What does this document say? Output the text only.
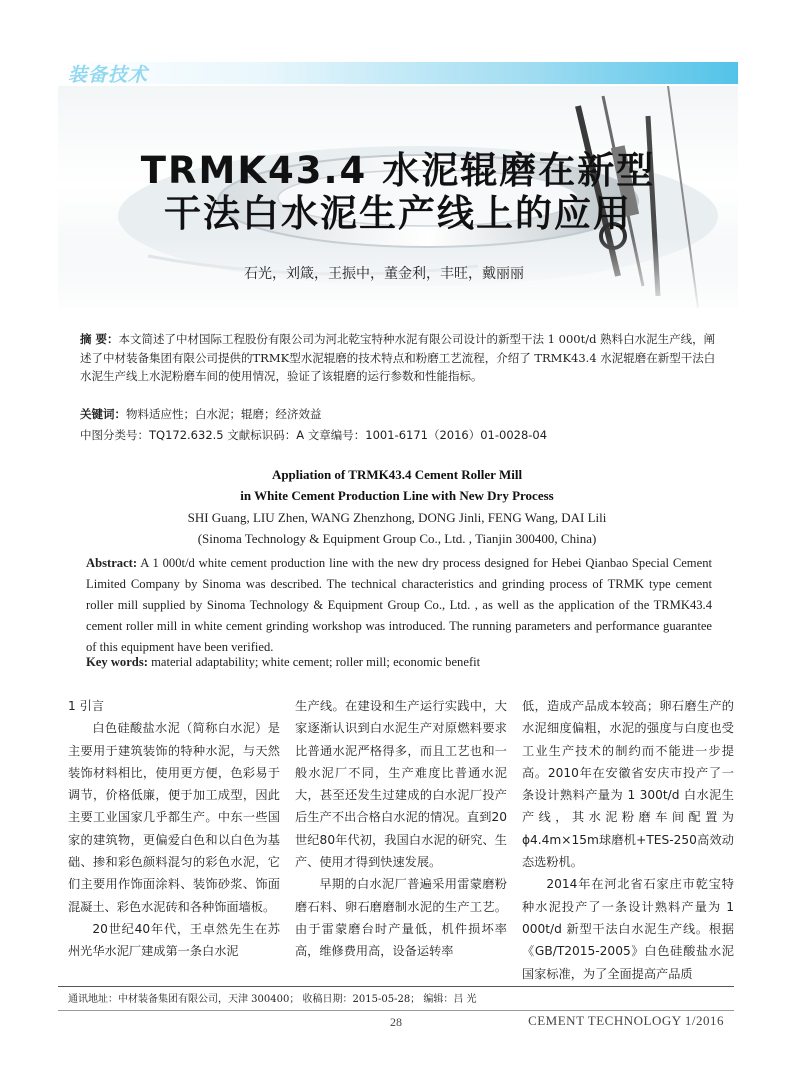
装备技术
TRMK43.4 水泥辊磨在新型
干法白水泥生产线上的应用
石光，刘箴，王振中，董金利，丰旺，戴丽丽
摘 要：本文简述了中材国际工程股份有限公司为河北乾宝特种水泥有限公司设计的新型干法 1 000t/d 熟料白水泥生产线，阐述了中材装备集团有限公司提供的TRMK型水泥辊磨的技术特点和粉磨工艺流程，介绍了 TRMK43.4 水泥辊磨在新型干法白水泥生产线上水泥粉磨车间的使用情况，验证了该辊磨的运行参数和性能指标。
关键词：物料适应性；白水泥；辊磨；经济效益
中图分类号：TQ172.632.5 文献标识码：A 文章编号：1001-6171（2016）01-0028-04
Appliation of TRMK43.4 Cement Roller Mill
in White Cement Production Line with New Dry Process
SHI Guang, LIU Zhen, WANG Zhenzhong, DONG Jinli, FENG Wang, DAI Lili
(Sinoma Technology & Equipment Group Co., Ltd. , Tianjin 300400, China)
Abstract: A 1 000t/d white cement production line with the new dry process designed for Hebei Qianbao Special Cement Limited Company by Sinoma was described. The technical characteristics and grinding process of TRMK type cement roller mill supplied by Sinoma Technology & Equipment Group Co., Ltd. , as well as the application of the TRMK43.4 cement roller mill in white cement grinding workshop was introduced. The running parameters and performance guarantee of this equipment have been verified.
Key words: material adaptability; white cement; roller mill; economic benefit

1 引言

白色硅酸盐水泥（简称白水泥）是主要用于建筑装饰的特种水泥，与天然装饰材料相比，使用更方便，色彩易于调节，价格低廉，便于加工成型，因此主要工业国家几乎都生产。中东一些国家的建筑物，更偏爱白色和以白色为基础、掺和彩色颜料混匀的彩色水泥，它们主要用作饰面涂料、装饰砂浆、饰面混凝土、彩色水泥砖和各种饰面墙板。

20世纪40年代，王卓然先生在苏州光华水泥厂建成第一条白水泥

生产线。在建设和生产运行实践中，大家逐渐认识到白水泥生产对原燃料要求比普通水泥严格得多，而且工艺也和一般水泥厂不同，生产难度比普通水泥大，甚至还发生过建成的白水泥厂投产后生产不出合格白水泥的情况。直到20世纪80年代初，我国白水泥的研究、生产、使用才得到快速发展。

早期的白水泥厂普遍采用雷蒙磨粉磨石料、卵石磨磨制水泥的生产工艺。由于雷蒙磨台时产量低，机件损坏率高，维修费用高，设备运转率

低，造成产品成本较高；卵石磨生产的水泥细度偏粗，水泥的强度与白度也受工业生产技术的制约而不能进一步提高。2010年在安徽省安庆市投产了一条设计熟料产量为 1 300t/d 白水泥生产线，其水泥粉磨车间配置为ϕ4.4m×15m球磨机+TES-250高效动态选粉机。

2014年在河北省石家庄市乾宝特种水泥投产了一条设计熟料产量为 1 000t/d 新型干法白水泥生产线。根据《GB/T2015-2005》白色硅酸盐水泥国家标准，为了全面提高产品质

通讯地址：中材装备集团有限公司，天津 300400； 收稿日期：2015-05-28； 编辑：吕 光
28	CEMENT TECHNOLOGY 1/2016
